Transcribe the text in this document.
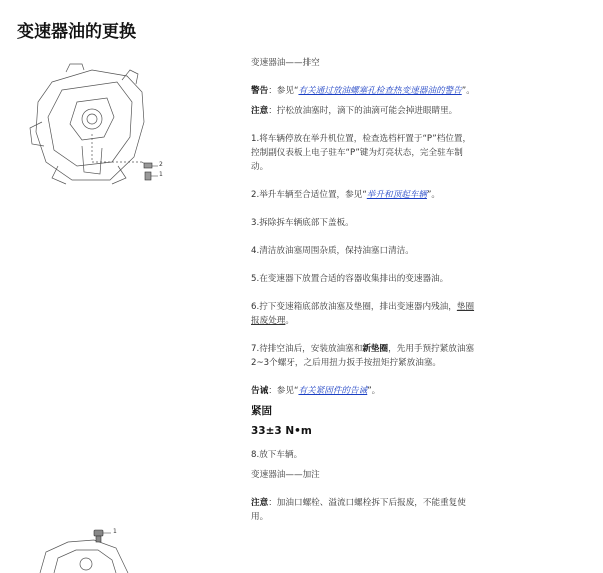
变速器油的更换
2
1
1
变速器油——排空
警告：参见“有关通过放油螺塞孔检查热变速器油的警告”。
注意：拧松放油塞时，滴下的油滴可能会掉进眼睛里。
1.将车辆停放在举升机位置，检查选档杆置于“P”档位置，控制副仪表板上电子驻车“P”键为灯亮状态，完全驻车制动。
2.举升车辆至合适位置，参见“举升和顶起车辆”。
3.拆除拆车辆底部下盖板。
4.清洁放油塞周围杂质，保持油塞口清洁。
5.在变速器下放置合适的容器收集排出的变速器油。
6.拧下变速箱底部放油塞及垫圈，排出变速器内残油，垫圈报废处理。
7.待排空油后，安装放油塞和新垫圈，先用手预拧紧放油塞2~3个螺牙，之后用扭力扳手按扭矩拧紧放油塞。
告诫：参见“有关紧固件的告诫”。
紧固
33±3 N•m
8.放下车辆。
变速器油——加注
注意：加油口螺栓、溢流口螺栓拆下后报废，不能重复使用。
